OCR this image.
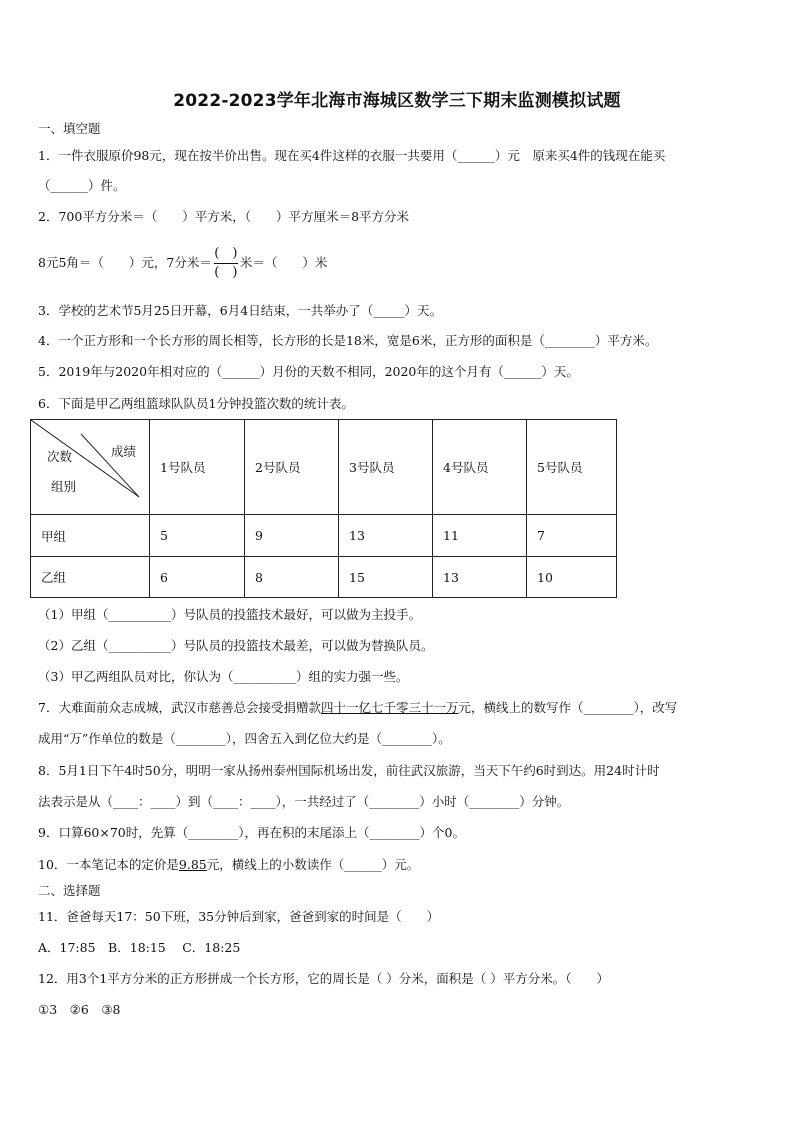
2022-2023学年北海市海城区数学三下期末监测模拟试题
一、填空题
1．一件衣服原价98元，现在按半价出售。现在买4件这样的衣服一共要用（______）元　原来买4件的钱现在能买
（______）件。
2．700平方分米＝（　　）平方米，（　　）平方厘米＝8平方分米
8元5角＝（　　）元，7分米＝ $\frac{( )}{( )}$ 米＝（　　）米
3．学校的艺术节5月25日开幕，6月4日结束，一共举办了（_____）天。
4．一个正方形和一个长方形的周长相等，长方形的长是18米，宽是6米，正方形的面积是（________）平方米。
5．2019年与2020年相对应的（______）月份的天数不相同，2020年的这个月有（______）天。
6．下面是甲乙两组篮球队队员1分钟投篮次数的统计表。
成绩
次数
组别	1号队员	2号队员	3号队员	4号队员	5号队员
甲组	5	9	13	11	7
乙组	6	8	15	13	10
（1）甲组（__________）号队员的投篮技术最好，可以做为主投手。
（2）乙组（__________）号队员的投篮技术最差，可以做为替换队员。
（3）甲乙两组队员对比，你认为（__________）组的实力强一些。
7．大难面前众志成城，武汉市慈善总会接受捐赠款四十一亿七千零三十一万元，横线上的数写作（________），改写
成用“万”作单位的数是（________），四舍五入到亿位大约是（________）。
8．5月1日下午4时50分，明明一家从扬州泰州国际机场出发，前往武汉旅游，当天下午约6时到达。用24时计时
法表示是从（____：____）到（____：____），一共经过了（________）小时（________）分钟。
9．口算60×70时，先算（________），再在积的末尾添上（________）个0。
10．一本笔记本的定价是9.85元，横线上的小数读作（______）元。
二、选择题
11．爸爸每天17：50下班，35分钟后到家，爸爸到家的时间是（　　）
A．17:85　B．18:15　 C．18:25
12．用3个1平方分米的正方形拼成一个长方形，它的周长是（ ）分米，面积是（ ）平方分米。（　　）
①3　②6　③8
